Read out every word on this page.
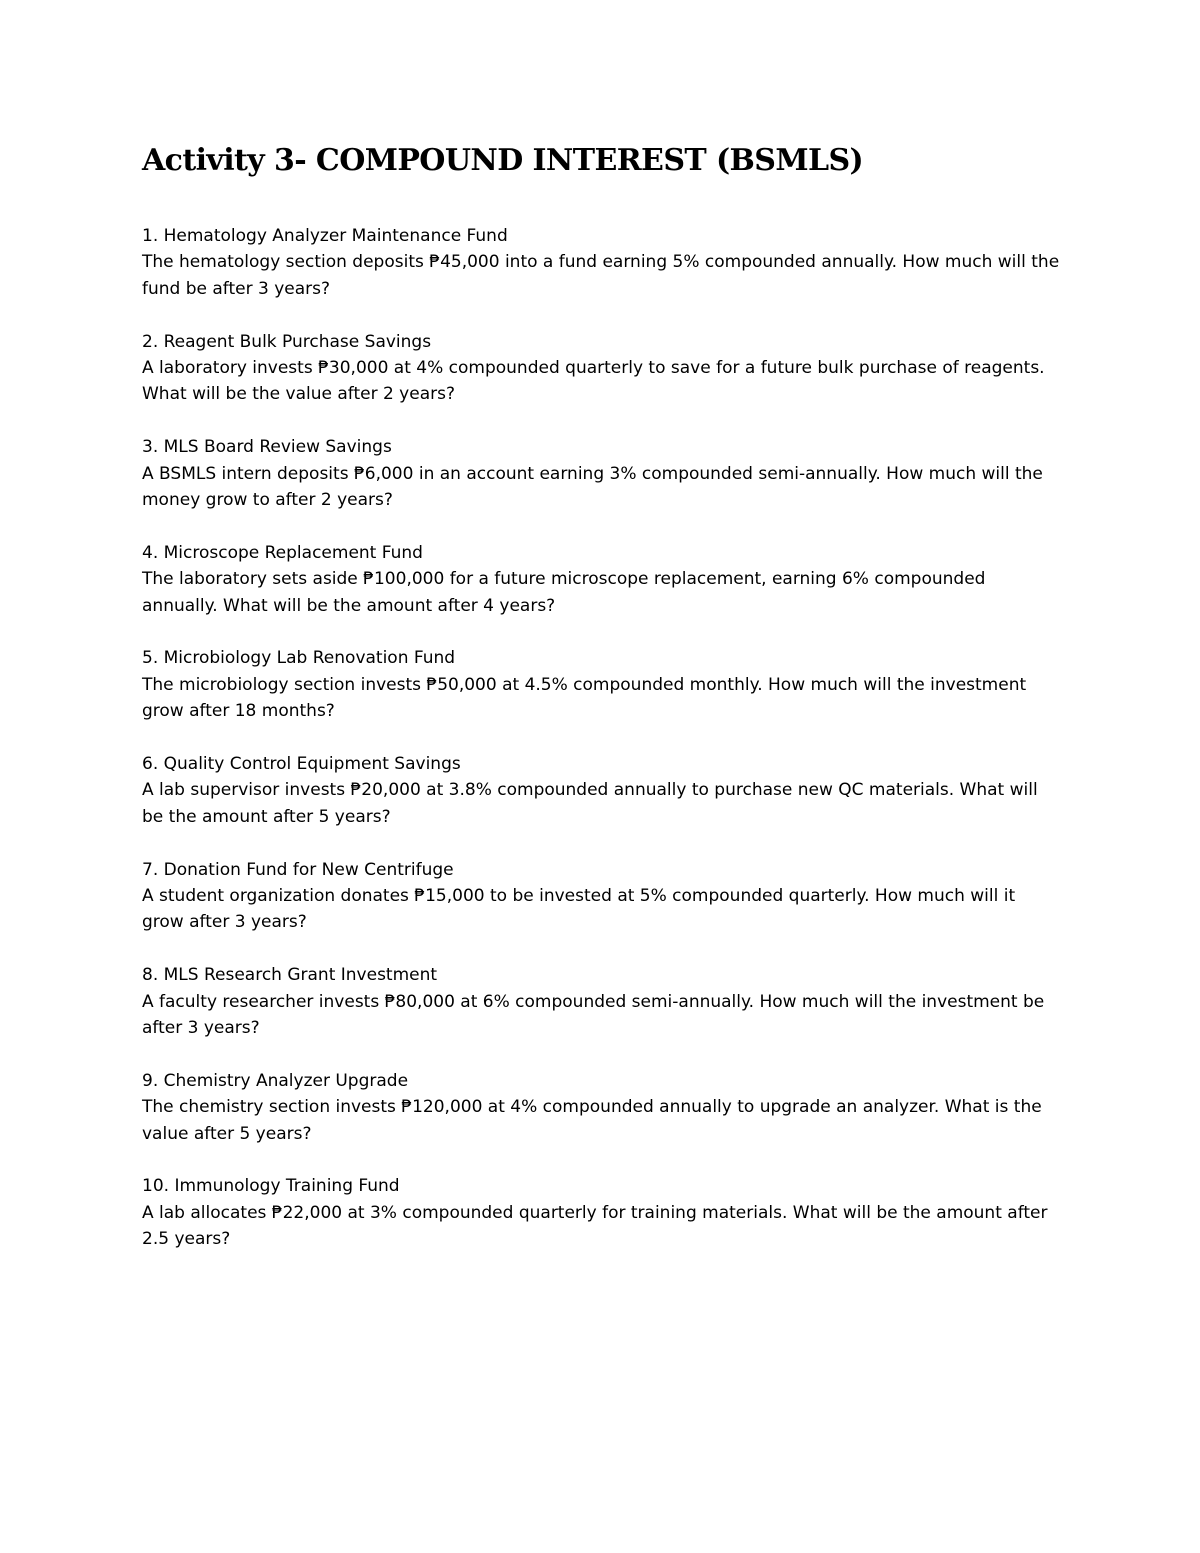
Activity 3- COMPOUND INTEREST (BSMLS)
1. Hematology Analyzer Maintenance Fund
The hematology section deposits ₱45,000 into a fund earning 5% compounded annually. How much will the fund be after 3 years?
2. Reagent Bulk Purchase Savings
A laboratory invests ₱30,000 at 4% compounded quarterly to save for a future bulk purchase of reagents. What will be the value after 2 years?
3. MLS Board Review Savings
A BSMLS intern deposits ₱6,000 in an account earning 3% compounded semi-annually. How much will the money grow to after 2 years?
4. Microscope Replacement Fund
The laboratory sets aside ₱100,000 for a future microscope replacement, earning 6% compounded annually. What will be the amount after 4 years?
5. Microbiology Lab Renovation Fund
The microbiology section invests ₱50,000 at 4.5% compounded monthly. How much will the investment grow after 18 months?
6. Quality Control Equipment Savings
A lab supervisor invests ₱20,000 at 3.8% compounded annually to purchase new QC materials. What will be the amount after 5 years?
7. Donation Fund for New Centrifuge
A student organization donates ₱15,000 to be invested at 5% compounded quarterly. How much will it grow after 3 years?
8. MLS Research Grant Investment
A faculty researcher invests ₱80,000 at 6% compounded semi-annually. How much will the investment be after 3 years?
9. Chemistry Analyzer Upgrade
The chemistry section invests ₱120,000 at 4% compounded annually to upgrade an analyzer. What is the value after 5 years?
10. Immunology Training Fund
A lab allocates ₱22,000 at 3% compounded quarterly for training materials. What will be the amount after 2.5 years?
